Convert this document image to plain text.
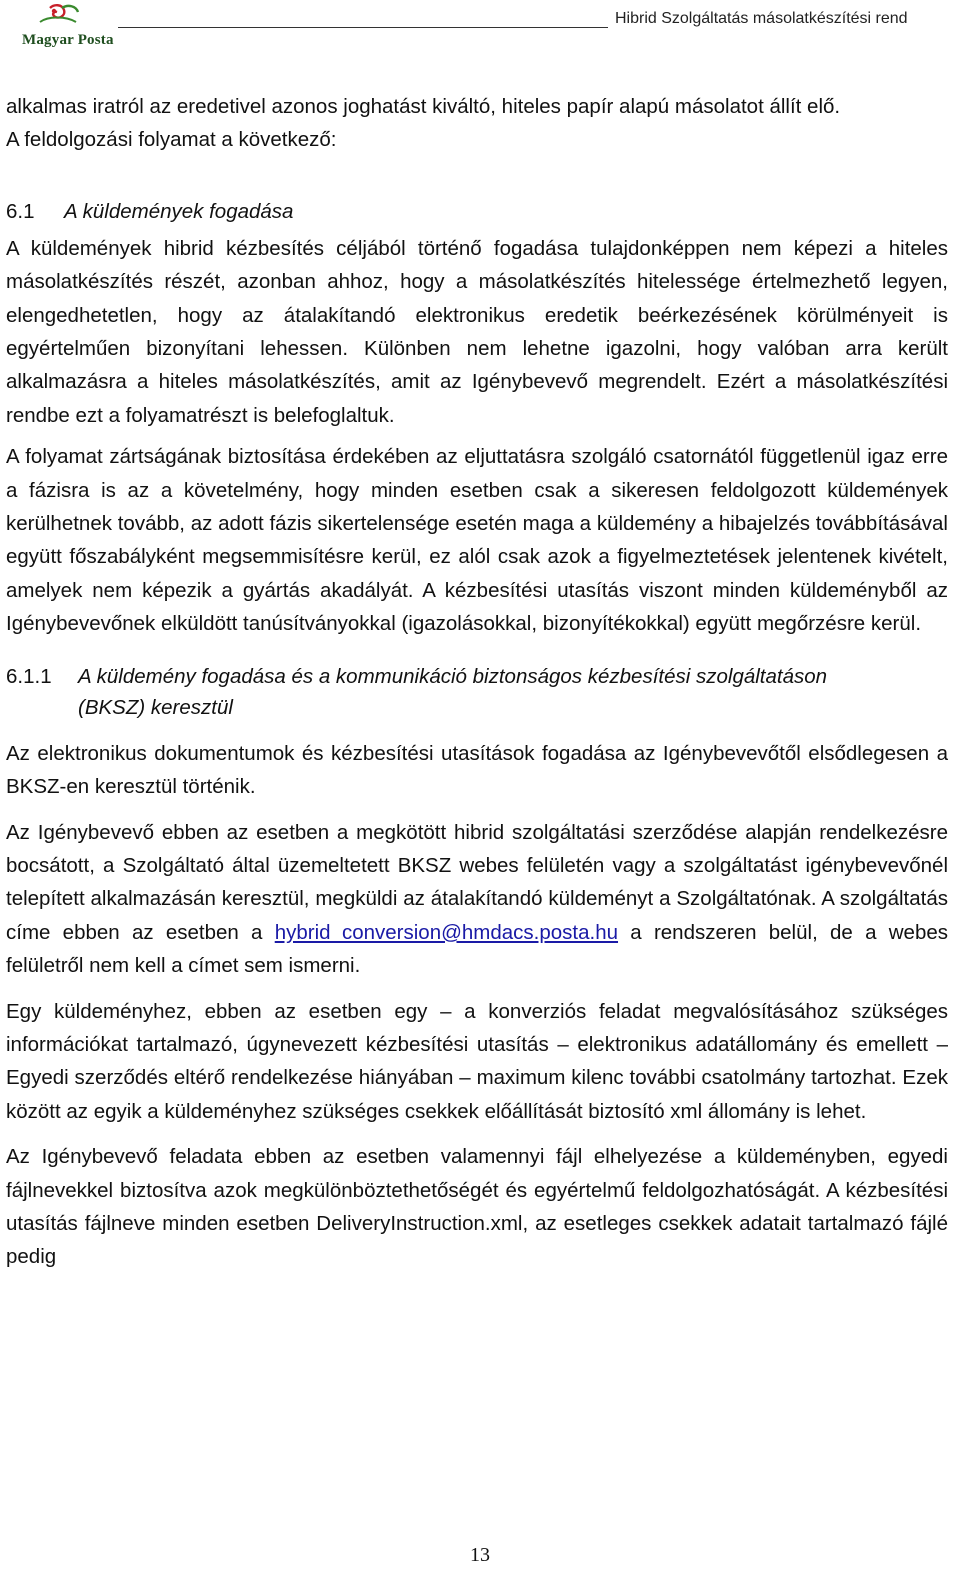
Magyar Posta
Hibrid Szolgáltatás másolatkészítési rend

alkalmas iratról az eredetivel azonos joghatást kiváltó, hiteles papír alapú másolatot állít elő.

A feldolgozási folyamat a következő:

6.1	A küldemények fogadása

A küldemények hibrid kézbesítés céljából történő fogadása tulajdonképpen nem képezi a hiteles másolatkészítés részét, azonban ahhoz, hogy a másolatkészítés hitelessége értelmezhető legyen, elengedhetetlen, hogy az átalakítandó elektronikus eredetik beérkezésének körülményeit is egyértelműen bizonyítani lehessen. Különben nem lehetne igazolni, hogy valóban arra került alkalmazásra a hiteles másolatkészítés, amit az Igénybevevő megrendelt. Ezért a másolatkészítési rendbe ezt a folyamatrészt is belefoglaltuk.

A folyamat zártságának biztosítása érdekében az eljuttatásra szolgáló csatornától függetlenül igaz erre a fázisra is az a követelmény, hogy minden esetben csak a sikeresen feldolgozott küldemények kerülhetnek tovább, az adott fázis sikertelensége esetén maga a küldemény a hibajelzés továbbításával együtt főszabályként megsemmisítésre kerül, ez alól csak azok a figyelmeztetések jelentenek kivételt, amelyek nem képezik a gyártás akadályát. A kézbesítési utasítás viszont minden küldeményből az Igénybevevőnek elküldött tanúsítványokkal (igazolásokkal, bizonyítékokkal) együtt megőrzésre kerül.

6.1.1	A küldemény fogadása és a kommunikáció biztonságos kézbesítési szolgáltatáson (BKSZ) keresztül

Az elektronikus dokumentumok és kézbesítési utasítások fogadása az Igénybevevőtől elsődlegesen a BKSZ-en keresztül történik.

Az Igénybevevő ebben az esetben a megkötött hibrid szolgáltatási szerződése alapján rendelkezésre bocsátott, a Szolgáltató által üzemeltetett BKSZ webes felületén vagy a szolgáltatást igénybevevőnél telepített alkalmazásán keresztül, megküldi az átalakítandó küldeményt a Szolgáltatónak. A szolgáltatás címe ebben az esetben a hybrid_conversion@hmdacs.posta.hu a rendszeren belül, de a webes felületről nem kell a címet sem ismerni.

Egy küldeményhez, ebben az esetben egy – a konverziós feladat megvalósításához szükséges információkat tartalmazó, úgynevezett kézbesítési utasítás – elektronikus adatállomány és emellett – Egyedi szerződés eltérő rendelkezése hiányában – maximum kilenc további csatolmány tartozhat. Ezek között az egyik a küldeményhez szükséges csekkek előállítását biztosító xml állomány is lehet.

Az Igénybevevő feladata ebben az esetben valamennyi fájl elhelyezése a küldeményben, egyedi fájlnevekkel biztosítva azok megkülönböztethetőségét és egyértelmű feldolgozhatóságát. A kézbesítési utasítás fájlneve minden esetben DeliveryInstruction.xml, az esetleges csekkek adatait tartalmazó fájlé pedig

13
